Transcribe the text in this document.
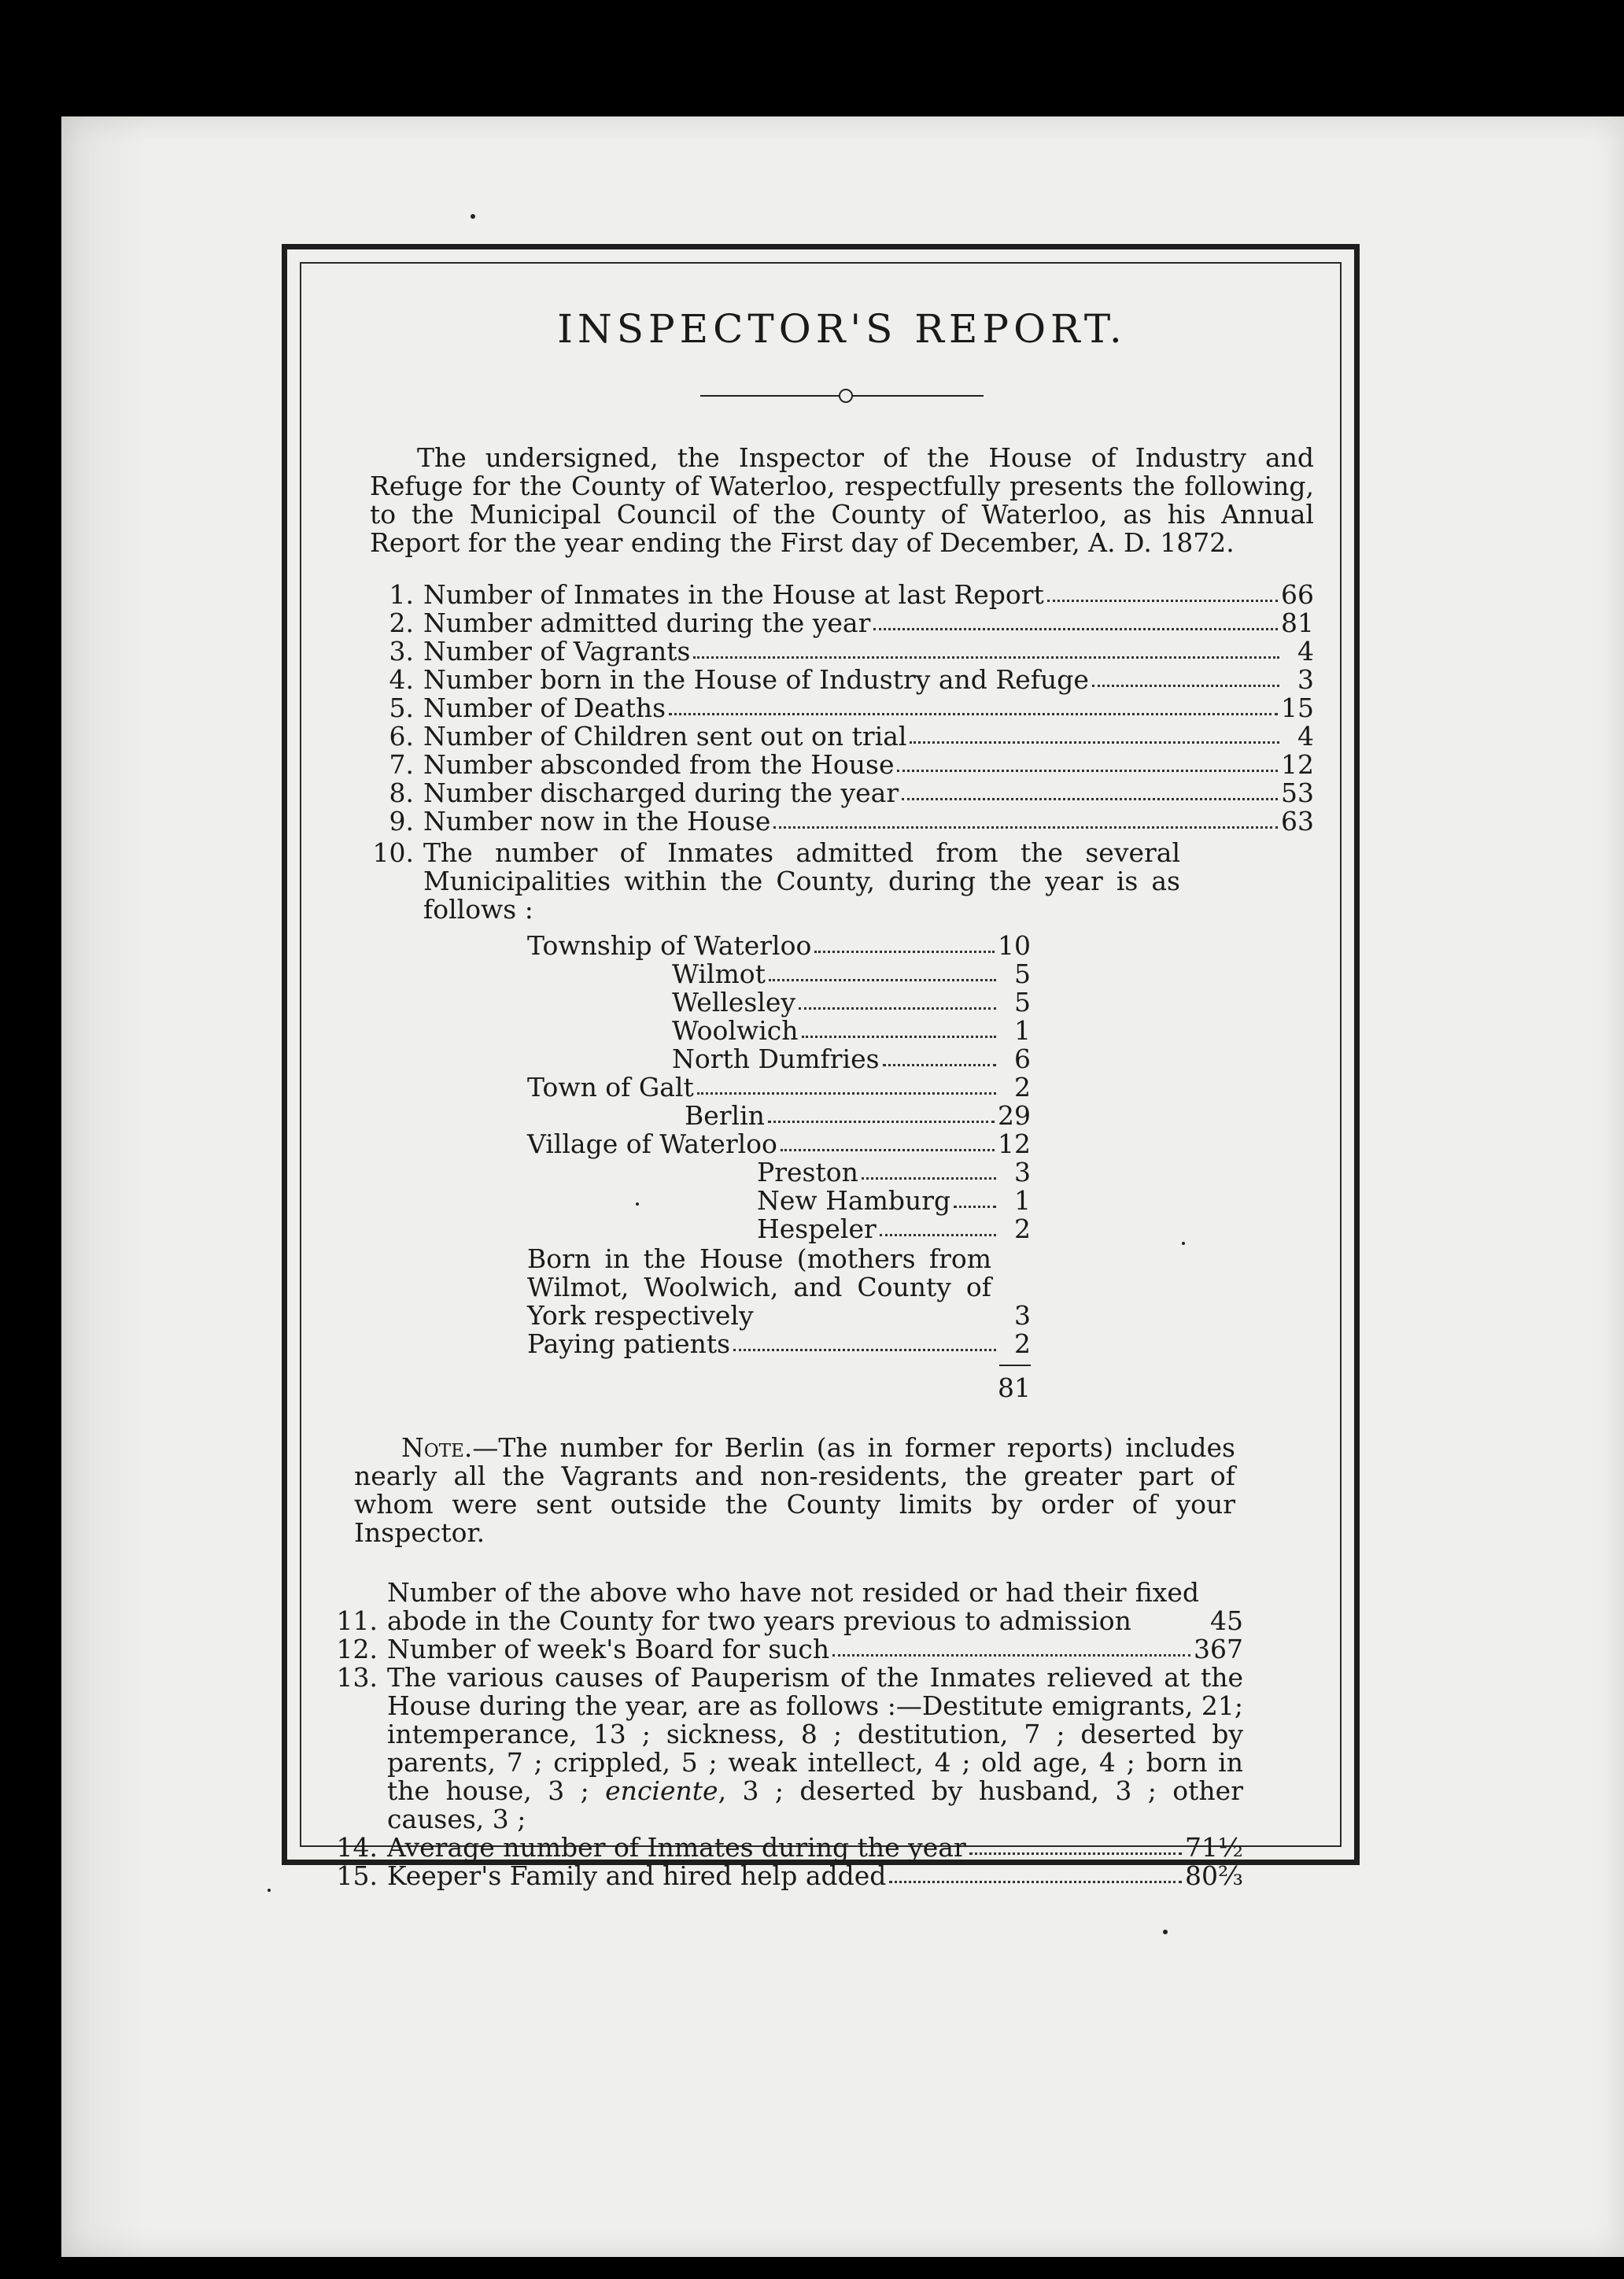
INSPECTOR'S REPORT.
The undersigned, the Inspector of the House of Industry and Refuge for the County of Waterloo, respectfully presents the following, to the Municipal Council of the County of Waterloo, as his Annual Report for the year ending the First day of December, A. D. 1872.
1. Number of Inmates in the House at last Report	66
2. Number admitted during the year	81
3. Number of Vagrants	4
4. Number born in the House of Industry and Refuge	3
5. Number of Deaths	15
6. Number of Children sent out on trial	4
7. Number absconded from the House	12
8. Number discharged during the year	53
9. Number now in the House	63
10. The number of Inmates admitted from the several Municipalities within the County, during the year is as follows :
Township of Waterloo	10
Wilmot	5
Wellesley	5
Woolwich	1
North Dumfries	6
Town of Galt	2
Berlin	29
Village of Waterloo	12
Preston	3
New Hamburg	1
Hespeler	2
Born in the House (mothers from Wilmot, Woolwich, and County of York respectively	3
Paying patients	2
81
Note.—The number for Berlin (as in former reports) includes nearly all the Vagrants and non-residents, the greater part of whom were sent outside the County limits by order of your Inspector.
11.
Number of the above who have not resided or had their fixed abode in the County for two years previous to admission	45
12. Number of week's Board for such	367
13. The various causes of Pauperism of the Inmates relieved at the House during the year, are as follows :—Destitute emigrants, 21; intemperance, 13 ; sickness, 8 ; destitution, 7 ; deserted by parents, 7 ; crippled, 5 ; weak intellect, 4 ; old age, 4 ; born in the house, 3 ; enciente, 3 ; deserted by husband, 3 ; other causes, 3 ;
14. Average number of Inmates during the year	71½
15. Keeper's Family and hired help added	80⅔
